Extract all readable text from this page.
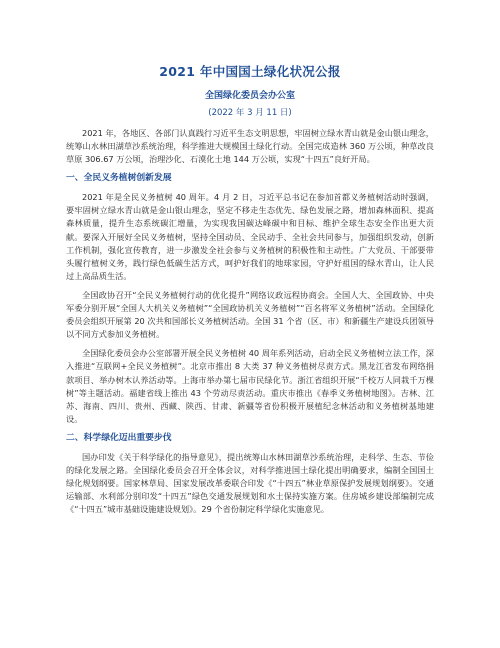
2021 年中国国土绿化状况公报
全国绿化委员会办公室
(2022 年 3 月 11 日)

2021 年，各地区、各部门认真践行习近平生态文明思想，牢固树立绿水青山就是金山银山理念，统筹山水林田湖草沙系统治理，科学推进大规模国土绿化行动。全国完成造林 360 万公顷，种草改良草原 306.67 万公顷，治理沙化、石漠化土地 144 万公顷，实现“十四五”良好开局。

一、全民义务植树创新发展

2021 年是全民义务植树 40 周年。4 月 2 日，习近平总书记在参加首都义务植树活动时强调，要牢固树立绿水青山就是金山银山理念，坚定不移走生态优先、绿色发展之路，增加森林面积、提高森林质量，提升生态系统碳汇增量，为实现我国碳达峰碳中和目标、维护全球生态安全作出更大贡献。要深入开展好全民义务植树，坚持全国动员、全民动手、全社会共同参与，加强组织发动，创新工作机制，强化宣传教育，进一步激发全社会参与义务植树的积极性和主动性。广大党员、干部要带头履行植树义务，践行绿色低碳生活方式，呵护好我们的地球家园，守护好祖国的绿水青山，让人民过上高品质生活。

全国政协召开“全民义务植树行动的优化提升”网络议政远程协商会。全国人大、全国政协、中央军委分别开展“全国人大机关义务植树”“全国政协机关义务植树”“百名将军义务植树”活动。全国绿化委员会组织开展第 20 次共和国部长义务植树活动。全国 31 个省（区、市）和新疆生产建设兵团领导以不同方式参加义务植树。

全国绿化委员会办公室部署开展全民义务植树 40 周年系列活动，启动全民义务植树立法工作，深入推进“互联网+全民义务植树”。北京市推出 8 大类 37 种义务植树尽责方式。黑龙江省发布网络捐款项目、举办树木认养活动等。上海市举办第七届市民绿化节。浙江省组织开展“千校万人同栽千万棵树”等主题活动。福建省线上推出 43 个劳动尽责活动。重庆市推出《春季义务植树地图》。吉林、江苏、海南、四川、贵州、西藏、陕西、甘肃、新疆等省份积极开展植纪念林活动和义务植树基地建设。

二、科学绿化迈出重要步伐

国办印发《关于科学绿化的指导意见》，提出统筹山水林田湖草沙系统治理，走科学、生态、节俭的绿化发展之路。全国绿化委员会召开全体会议，对科学推进国土绿化提出明确要求，编制全国国土绿化规划纲要。国家林草局、国家发展改革委联合印发《“十四五”林业草原保护发展规划纲要》。交通运输部、水利部分别印发“十四五”绿色交通发展规划和水土保持实施方案。住房城乡建设部编制完成《“十四五”城市基础设施建设规划》。29 个省份制定科学绿化实施意见。
